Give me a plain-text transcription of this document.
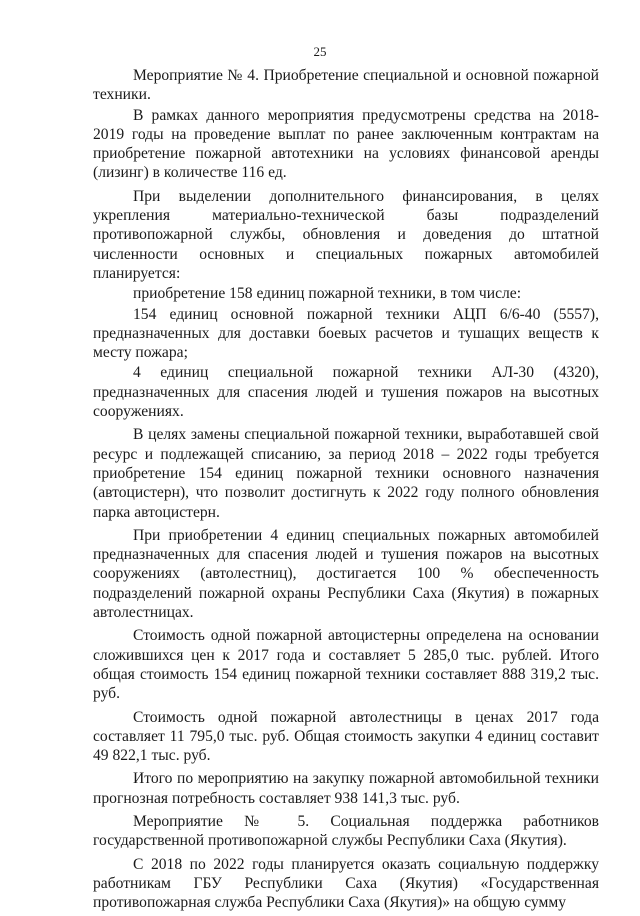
25

Мероприятие № 4. Приобретение специальной и основной пожарной техники.

В рамках данного мероприятия предусмотрены средства на 2018-2019 годы на проведение выплат по ранее заключенным контрактам на приобретение пожарной автотехники на условиях финансовой аренды (лизинг) в количестве 116 ед.

При выделении дополнительного финансирования, в целях укрепления материально-технической базы подразделений противопожарной службы, обновления и доведения до штатной численности основных и специальных пожарных автомобилей планируется:

приобретение 158 единиц пожарной техники, в том числе:

154 единиц основной пожарной техники АЦП 6/6-40 (5557), предназначенных для доставки боевых расчетов и тушащих веществ к месту пожара;

4 единиц специальной пожарной техники АЛ-30 (4320), предназначенных для спасения людей и тушения пожаров на высотных сооружениях.

В целях замены специальной пожарной техники, выработавшей свой ресурс и подлежащей списанию, за период 2018 – 2022 годы требуется приобретение 154 единиц пожарной техники основного назначения (автоцистерн), что позволит достигнуть к 2022 году полного обновления парка автоцистерн.

При приобретении 4 единиц специальных пожарных автомобилей предназначенных для спасения людей и тушения пожаров на высотных сооружениях (автолестниц), достигается 100 % обеспеченность подразделений пожарной охраны Республики Саха (Якутия) в пожарных автолестницах.

Стоимость одной пожарной автоцистерны определена на основании сложившихся цен к 2017 года и составляет 5 285,0 тыс. рублей. Итого общая стоимость 154 единиц пожарной техники составляет 888 319,2 тыс. руб.

Стоимость одной пожарной автолестницы в ценах 2017 года составляет 11 795,0 тыс. руб. Общая стоимость закупки 4 единиц составит 49 822,1 тыс. руб.

Итого по мероприятию на закупку пожарной автомобильной техники прогнозная потребность составляет 938 141,3 тыс. руб.

Мероприятие № 5. Социальная поддержка работников государственной противопожарной службы Республики Саха (Якутия).

С 2018 по 2022 годы планируется оказать социальную поддержку работникам ГБУ Республики Саха (Якутия) «Государственная противопожарная служба Республики Саха (Якутия)» на общую сумму
